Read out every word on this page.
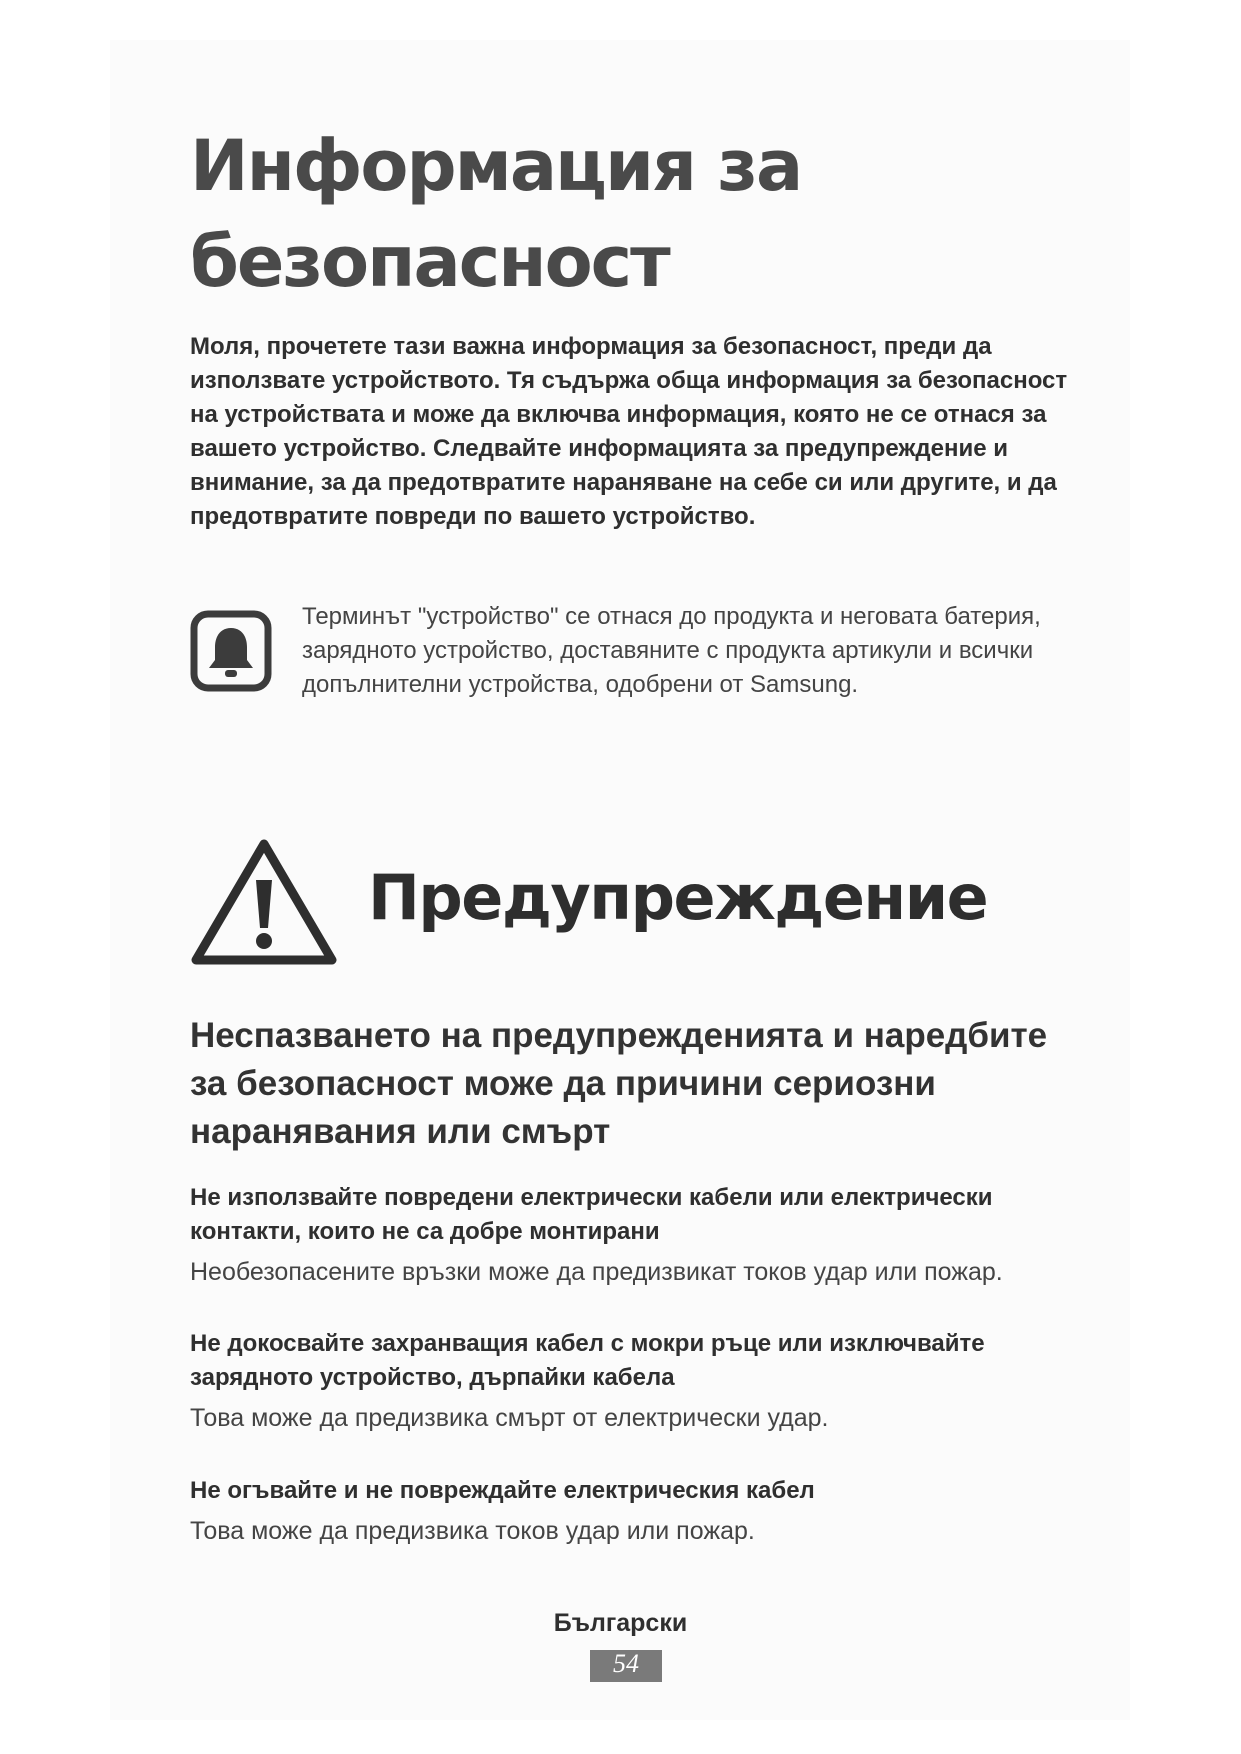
Информация за безопасност

Моля, прочетете тази важна информация за безопасност, преди да използвате устройството. Тя съдържа обща информация за безопасност на устройствата и може да включва информация, която не се отнася за вашето устройство. Следвайте информацията за предупреждение и внимание, за да предотвратите нараняване на себе си или другите, и да предотвратите повреди по вашето устройство.

Терминът "устройство" се отнася до продукта и неговата батерия, зарядното устройство, доставяните с продукта артикули и всички допълнителни устройства, одобрени от Samsung.

Предупреждение
Неспазването на предупрежденията и наредбите за безопасност може да причини сериозни наранявания или смърт

Не използвайте повредени електрически кабели или електрически контакти, които не са добре монтирани

Необезопасените връзки може да предизвикат токов удар или пожар.

Не докосвайте захранващия кабел с мокри ръце или изключвайте зарядното устройство, дърпайки кабела

Това може да предизвика смърт от електрически удар.

Не огъвайте и не повреждайте електрическия кабел

Това може да предизвика токов удар или пожар.

Български
54
